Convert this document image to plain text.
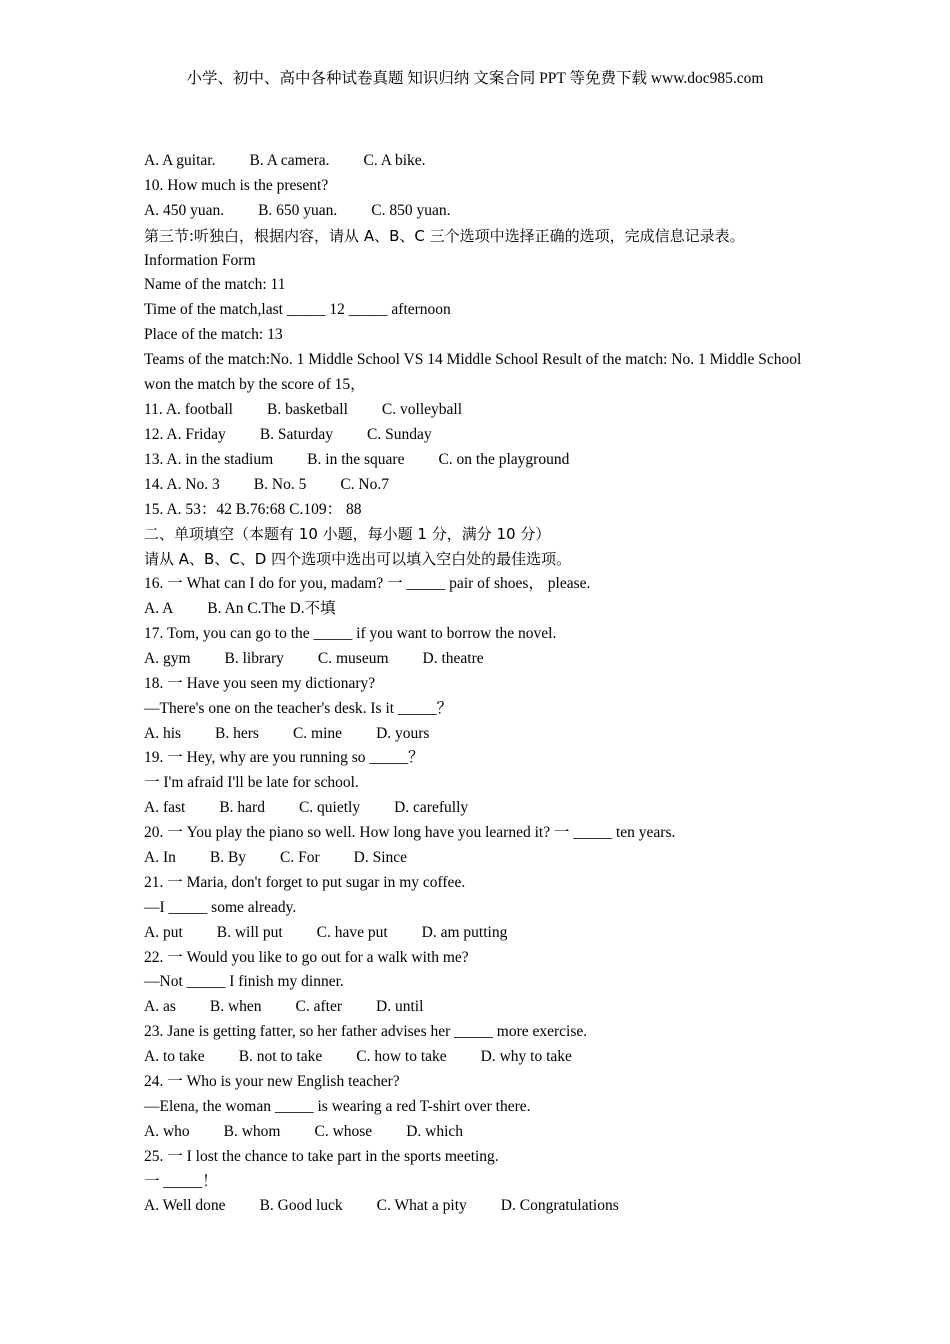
小学、初中、高中各种试卷真题 知识归纳 文案合同 PPT 等免费下载 www.doc985.com
A. A guitar. B. A camera. C. A bike.
10. How much is the present?
A. 450 yuan. B. 650 yuan. C. 850 yuan.
第三节:听独白，根据内容，请从 A、B、C 三个选项中选择正确的选项，完成信息记录表。
Information Form
Name of the match: 11
Time of the match,last _____ 12 _____ afternoon
Place of the match: 13
Teams of the match:No. 1 Middle School VS 14 Middle School Result of the match: No. 1 Middle School won the match by the score of 15，
11. A. football B. basketball C. volleyball
12. A. Friday B. Saturday C. Sunday
13. A. in the stadium B. in the square C. on the playground
14. A. No. 3 B. No. 5 C. No.7
15. A. 53：42 B.76:68 C.109： 88
二、单项填空（本题有 10 小题，每小题 1 分，满分 10 分）
请从 A、B、C、D 四个选项中选出可以填入空白处的最佳选项。
16. 一 What can I do for you, madam? 一 _____ pair of shoes， please.
A. A B. An C.The D.不填
17. Tom, you can go to the _____ if you want to borrow the novel.
A. gym B. library C. museum D. theatre
18. 一 Have you seen my dictionary?
—There's one on the teacher's desk. Is it _____？
A. his B. hers C. mine D. yours
19. 一 Hey, why are you running so _____？
一 I'm afraid I'll be late for school.
A. fast B. hard C. quietly D. carefully
20. 一 You play the piano so well. How long have you learned it? 一 _____ ten years.
A. In B. By C. For D. Since
21. 一 Maria, don't forget to put sugar in my coffee.
—I _____ some already.
A. put B. will put C. have put D. am putting
22. 一 Would you like to go out for a walk with me?
—Not _____ I finish my dinner.
A. as B. when C. after D. until
23. Jane is getting fatter, so her father advises her _____ more exercise.
A. to take B. not to take C. how to take D. why to take
24. 一 Who is your new English teacher?
—Elena, the woman _____ is wearing a red T-shirt over there.
A. who B. whom C. whose D. which
25. 一 I lost the chance to take part in the sports meeting.
一 _____！
A. Well done B. Good luck C. What a pity D. Congratulations
